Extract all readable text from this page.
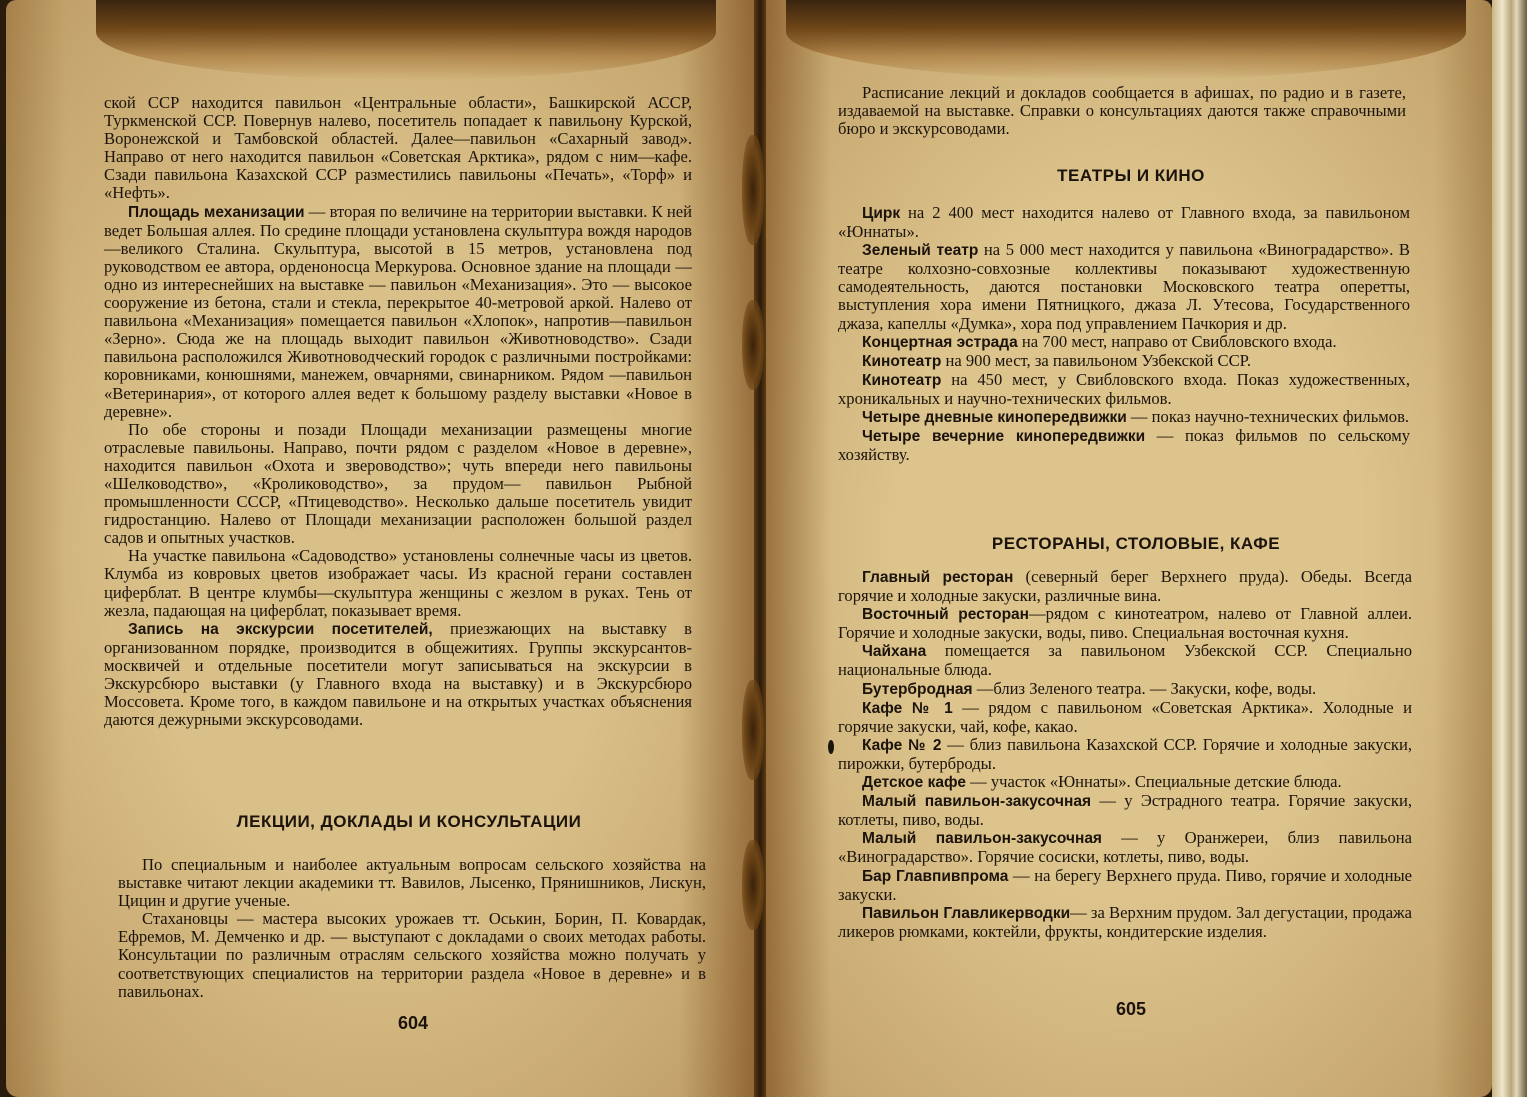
ской ССР находится павильон «Центральные области», Башкирской АССР, Туркменской ССР. Повернув налево, посетитель попадает к павильону Курской, Воронежской и Тамбовской областей. Далее—павильон «Сахарный завод». Направо от него находится павильон «Советская Арктика», рядом с ним—кафе. Сзади павильона Казахской ССР разместились павильоны «Печать», «Торф» и «Нефть».

Площадь механизации — вторая по величине на территории выставки. К ней ведет Большая аллея. По средине площади установлена скульптура вождя народов —великого Сталина. Скульптура, высотой в 15 метров, установлена под руководством ее автора, орденоносца Меркурова. Основное здание на площади — одно из интереснейших на выставке — павильон «Механизация». Это — высокое сооружение из бетона, стали и стекла, перекрытое 40-метровой аркой. Налево от павильона «Механизация» помещается павильон «Хлопок», напротив—павильон «Зерно». Сюда же на площадь выходит павильон «Животноводство». Сзади павильона расположился Животноводческий городок с различными постройками: коровниками, конюшнями, манежем, овчарнями, свинарником. Рядом —павильон «Ветеринария», от которого аллея ведет к большому разделу выставки «Новое в деревне».

По обе стороны и позади Площади механизации размещены многие отраслевые павильоны. Направо, почти рядом с разделом «Новое в деревне», находится павильон «Охота и звероводство»; чуть впереди него павильоны «Шелководство», «Кролиководство», за прудом— павильон Рыбной промышленности СССР, «Птицеводство». Несколько дальше посетитель увидит гидростанцию. Налево от Площади механизации расположен большой раздел садов и опытных участков.

На участке павильона «Садоводство» установлены солнечные часы из цветов. Клумба из ковровых цветов изображает часы. Из красной герани составлен циферблат. В центре клумбы—скульптура женщины с жезлом в руках. Тень от жезла, падающая на циферблат, показывает время.

Запись на экскурсии посетителей, приезжающих на выставку в организованном порядке, производится в общежитиях. Группы экскурсантов-москвичей и отдельные посетители могут записываться на экскурсии в Экскурсбюро выставки (у Главного входа на выставку) и в Экскурсбюро Моссовета. Кроме того, в каждом павильоне и на открытых участках объяснения даются дежурными экскурсоводами.

ЛЕКЦИИ, ДОКЛАДЫ И КОНСУЛЬТАЦИИ

По специальным и наиболее актуальным вопросам сельского хозяйства на выставке читают лекции академики тт. Вавилов, Лысенко, Прянишников, Лискун, Цицин и другие ученые.

Стахановцы — мастера высоких урожаев тт. Оськин, Борин, П. Ковардак, Ефремов, М. Демченко и др. — выступают с докладами о своих методах работы. Консультации по различным отраслям сельского хозяйства можно получать у соответствующих специалистов на территории раздела «Новое в деревне» и в павильонах.

604

Расписание лекций и докладов сообщается в афишах, по радио и в газете, издаваемой на выставке. Справки о консультациях даются также справочными бюро и экскурсоводами.

ТЕАТРЫ И КИНО

Цирк на 2 400 мест находится налево от Главного входа, за павильоном «Юннаты».

Зеленый театр на 5 000 мест находится у павильона «Виноградарство». В театре колхозно-совхозные коллективы показывают художественную самодеятельность, даются постановки Московского театра оперетты, выступления хора имени Пятницкого, джаза Л. Утесова, Государственного джаза, капеллы «Думка», хора под управлением Пачкория и др.

Концертная эстрада на 700 мест, направо от Свибловского входа.

Кинотеатр на 900 мест, за павильоном Узбекской ССР.

Кинотеатр на 450 мест, у Свибловского входа. Показ художественных, хроникальных и научно-технических фильмов.

Четыре дневные кинопередвижки — показ научно-технических фильмов.

Четыре вечерние кинопередвижки — показ фильмов по сельскому хозяйству.

РЕСТОРАНЫ, СТОЛОВЫЕ, КАФЕ

Главный ресторан (северный берег Верхнего пруда). Обеды. Всегда горячие и холодные закуски, различные вина.

Восточный ресторан—рядом с кинотеатром, налево от Главной аллеи. Горячие и холодные закуски, воды, пиво. Специальная восточная кухня.

Чайхана помещается за павильоном Узбекской ССР. Специально национальные блюда.

Бутербродная —близ Зеленого театра. — Закуски, кофе, воды.

Кафе № 1 — рядом с павильоном «Советская Арктика». Холодные и горячие закуски, чай, кофе, какао.

Кафе № 2 — близ павильона Казахской ССР. Горячие и холодные закуски, пирожки, бутерброды.

Детское кафе — участок «Юннаты». Специальные детские блюда.

Малый павильон-закусочная — у Эстрадного театра. Горячие закуски, котлеты, пиво, воды.

Малый павильон-закусочная — у Оранжереи, близ павильона «Виноградарство». Горячие сосиски, котлеты, пиво, воды.

Бар Главпивпрома — на берегу Верхнего пруда. Пиво, горячие и холодные закуски.

Павильон Главликерводки— за Верхним прудом. Зал дегустации, продажа ликеров рюмками, коктейли, фрукты, кондитерские изделия.

605
